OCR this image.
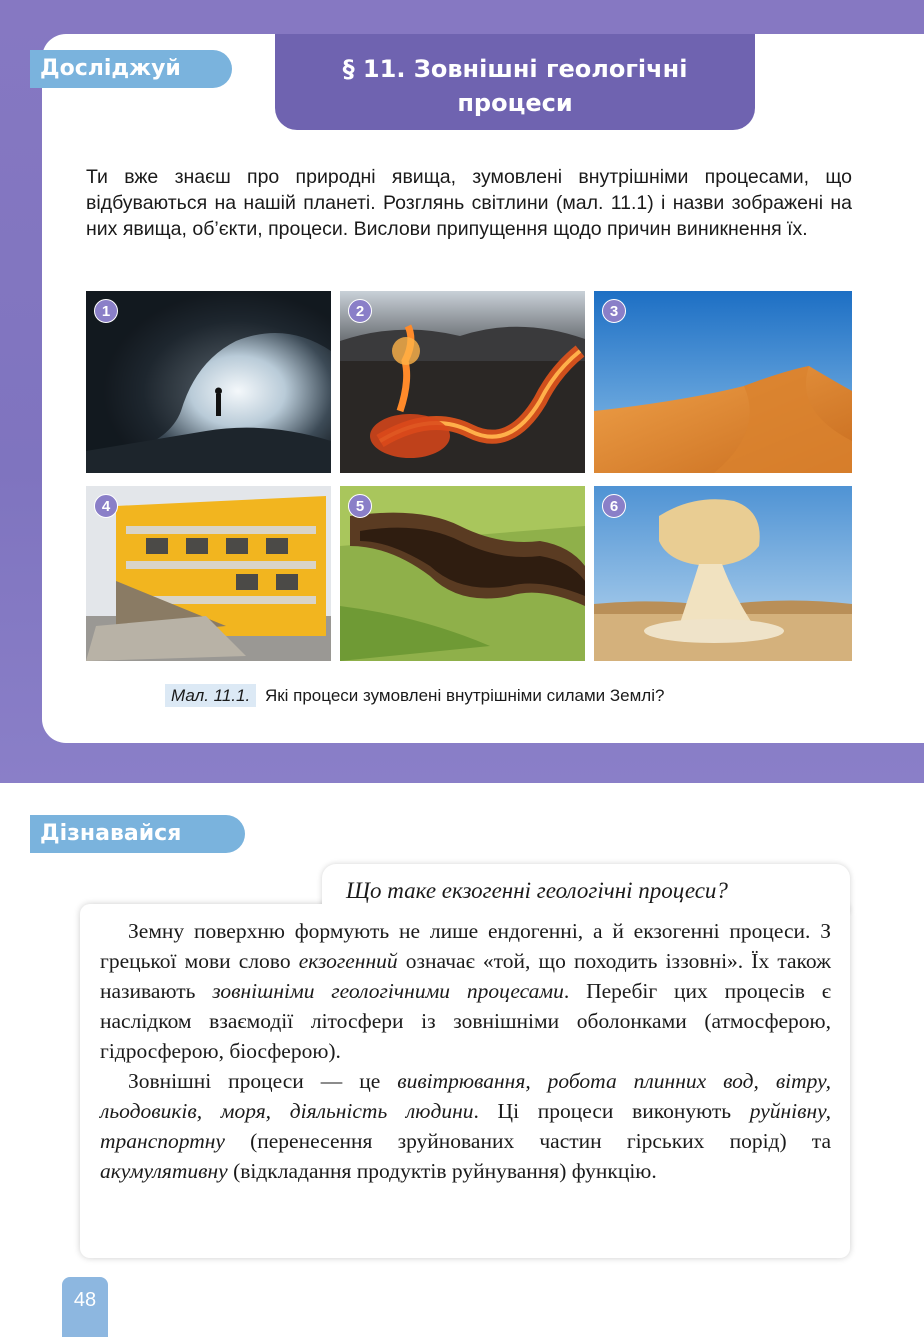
§ 11. Зовнішні геологічні
процеси
Досліджуй

Ти вже знаєш про природні явища, зумовлені внутрішніми процесами, що відбуваються на нашій планеті. Розглянь світлини (мал. 11.1) і назви зображені на них явища, об’єкти, процеси. Вислови припущення щодо причин виникнення їх.

1	2	3
4	5	6
Мал. 11.1. Які процеси зумовлені внутрішніми силами Землі?
Дізнавайся
Що таке екзогенні геологічні процеси?

Земну поверхню формують не лише ендогенні, а й екзогенні процеси. З грецької мови слово екзогенний означає «той, що походить іззовні». Їх також називають зовнішніми геологічними процесами. Перебіг цих процесів є наслідком взаємодії літосфери із зовнішніми оболонками (атмосферою, гідросферою, біосферою).

Зовнішні процеси — це вивітрювання, робота плинних вод, вітру, льодовиків, моря, діяльність людини. Ці процеси виконують руйнівну, транспортну (перенесення зруйнованих частин гірських порід) та акумулятивну (відкладання продуктів руйнування) функцію.

48
